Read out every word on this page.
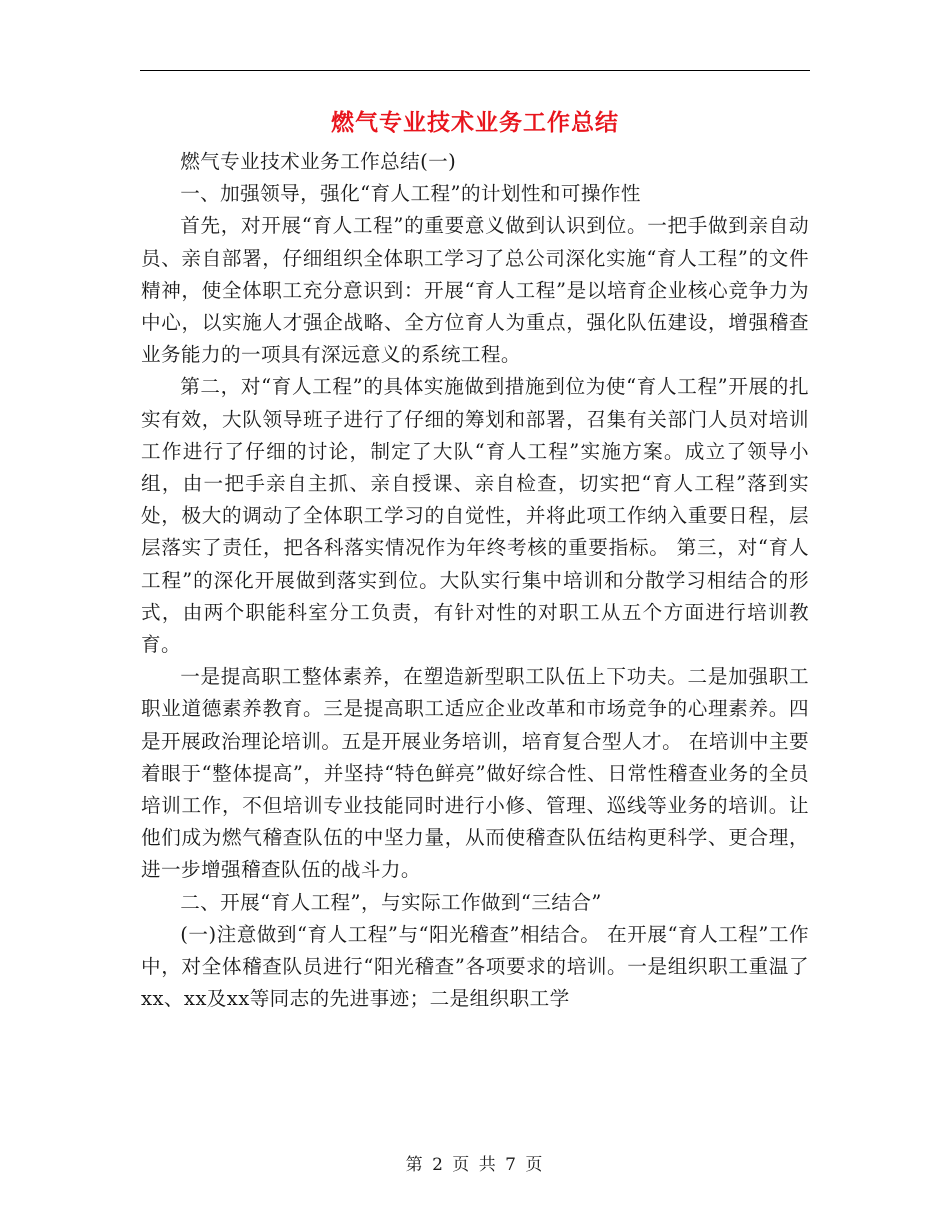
燃气专业技术业务工作总结

燃气专业技术业务工作总结(一)

一、加强领导，强化“育人工程”的计划性和可操作性

首先，对开展“育人工程”的重要意义做到认识到位。一把手做到亲自动员、亲自部署，仔细组织全体职工学习了总公司深化实施“育人工程”的文件精神，使全体职工充分意识到：开展“育人工程”是以培育企业核心竞争力为中心，以实施人才强企战略、全方位育人为重点，强化队伍建设，增强稽查业务能力的一项具有深远意义的系统工程。

第二，对“育人工程”的具体实施做到措施到位为使“育人工程”开展的扎实有效，大队领导班子进行了仔细的筹划和部署，召集有关部门人员对培训工作进行了仔细的讨论，制定了大队“育人工程”实施方案。成立了领导小组，由一把手亲自主抓、亲自授课、亲自检查，切实把“育人工程”落到实处，极大的调动了全体职工学习的自觉性，并将此项工作纳入重要日程，层层落实了责任，把各科落实情况作为年终考核的重要指标。 第三，对“育人工程”的深化开展做到落实到位。大队实行集中培训和分散学习相结合的形式，由两个职能科室分工负责，有针对性的对职工从五个方面进行培训教育。

一是提高职工整体素养，在塑造新型职工队伍上下功夫。二是加强职工职业道德素养教育。三是提高职工适应企业改革和市场竞争的心理素养。四是开展政治理论培训。五是开展业务培训，培育复合型人才。 在培训中主要着眼于“整体提高”，并坚持“特色鲜亮”做好综合性、日常性稽查业务的全员培训工作，不但培训专业技能同时进行小修、管理、巡线等业务的培训。让他们成为燃气稽查队伍的中坚力量，从而使稽查队伍结构更科学、更合理，进一步增强稽查队伍的战斗力。

二、开展“育人工程”，与实际工作做到“三结合”

(一)注意做到“育人工程”与“阳光稽查”相结合。 在开展“育人工程”工作中，对全体稽查队员进行“阳光稽查”各项要求的培训。一是组织职工重温了xx、xx及xx等同志的先进事迹；二是组织职工学

第 2 页 共 7 页
